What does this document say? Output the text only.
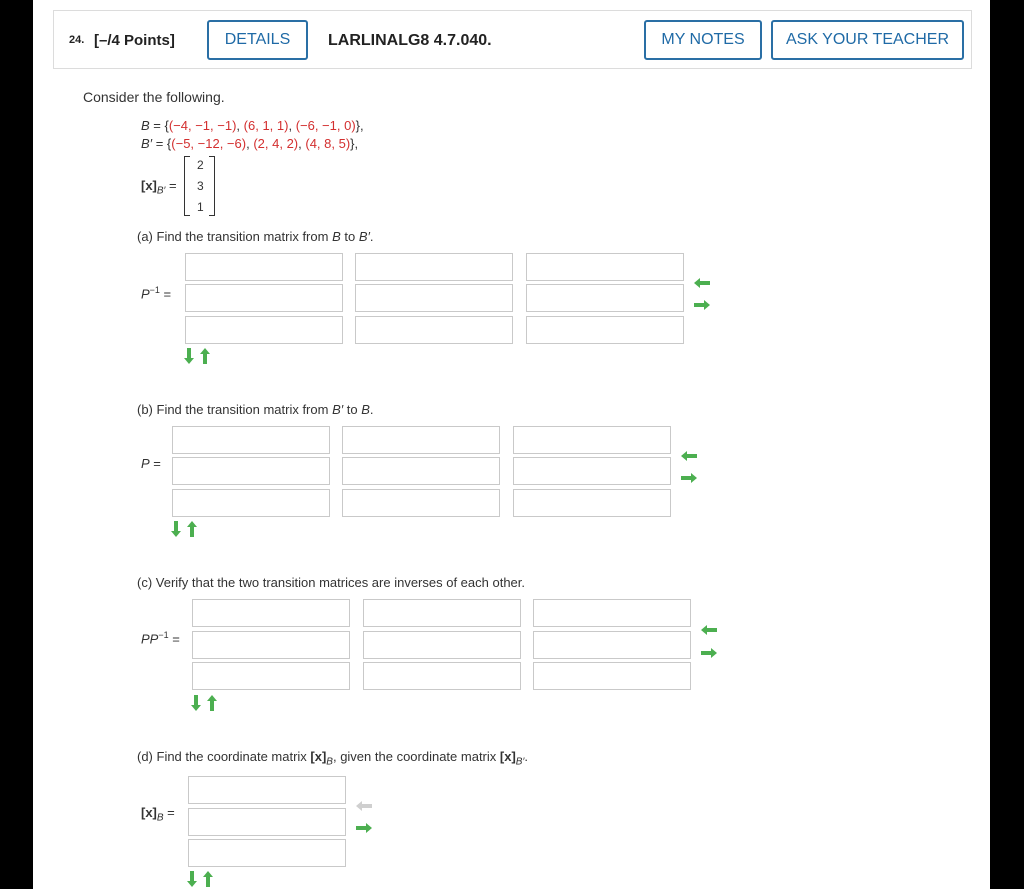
24. [–/4 Points]	DETAILS	LARLINALG8 4.7.040.	MY NOTES	ASK YOUR TEACHER
Consider the following.
B = {(−4, −1, −1), (6, 1, 1), (−6, −1, 0)},
B′ = {(−5, −12, −6), (2, 4, 2), (4, 8, 5)},
$[x]_{B'}$ =
2
3
1
(a) Find the transition matrix from B to B′.
$P^{-1}$ =
(b) Find the transition matrix from B′ to B.
P =
(c) Verify that the two transition matrices are inverses of each other.
$PP^{-1}$ =
(d) Find the coordinate matrix $[x]_B$, given the coordinate matrix $[x]_{B'}$.
$[x]_B$ =
